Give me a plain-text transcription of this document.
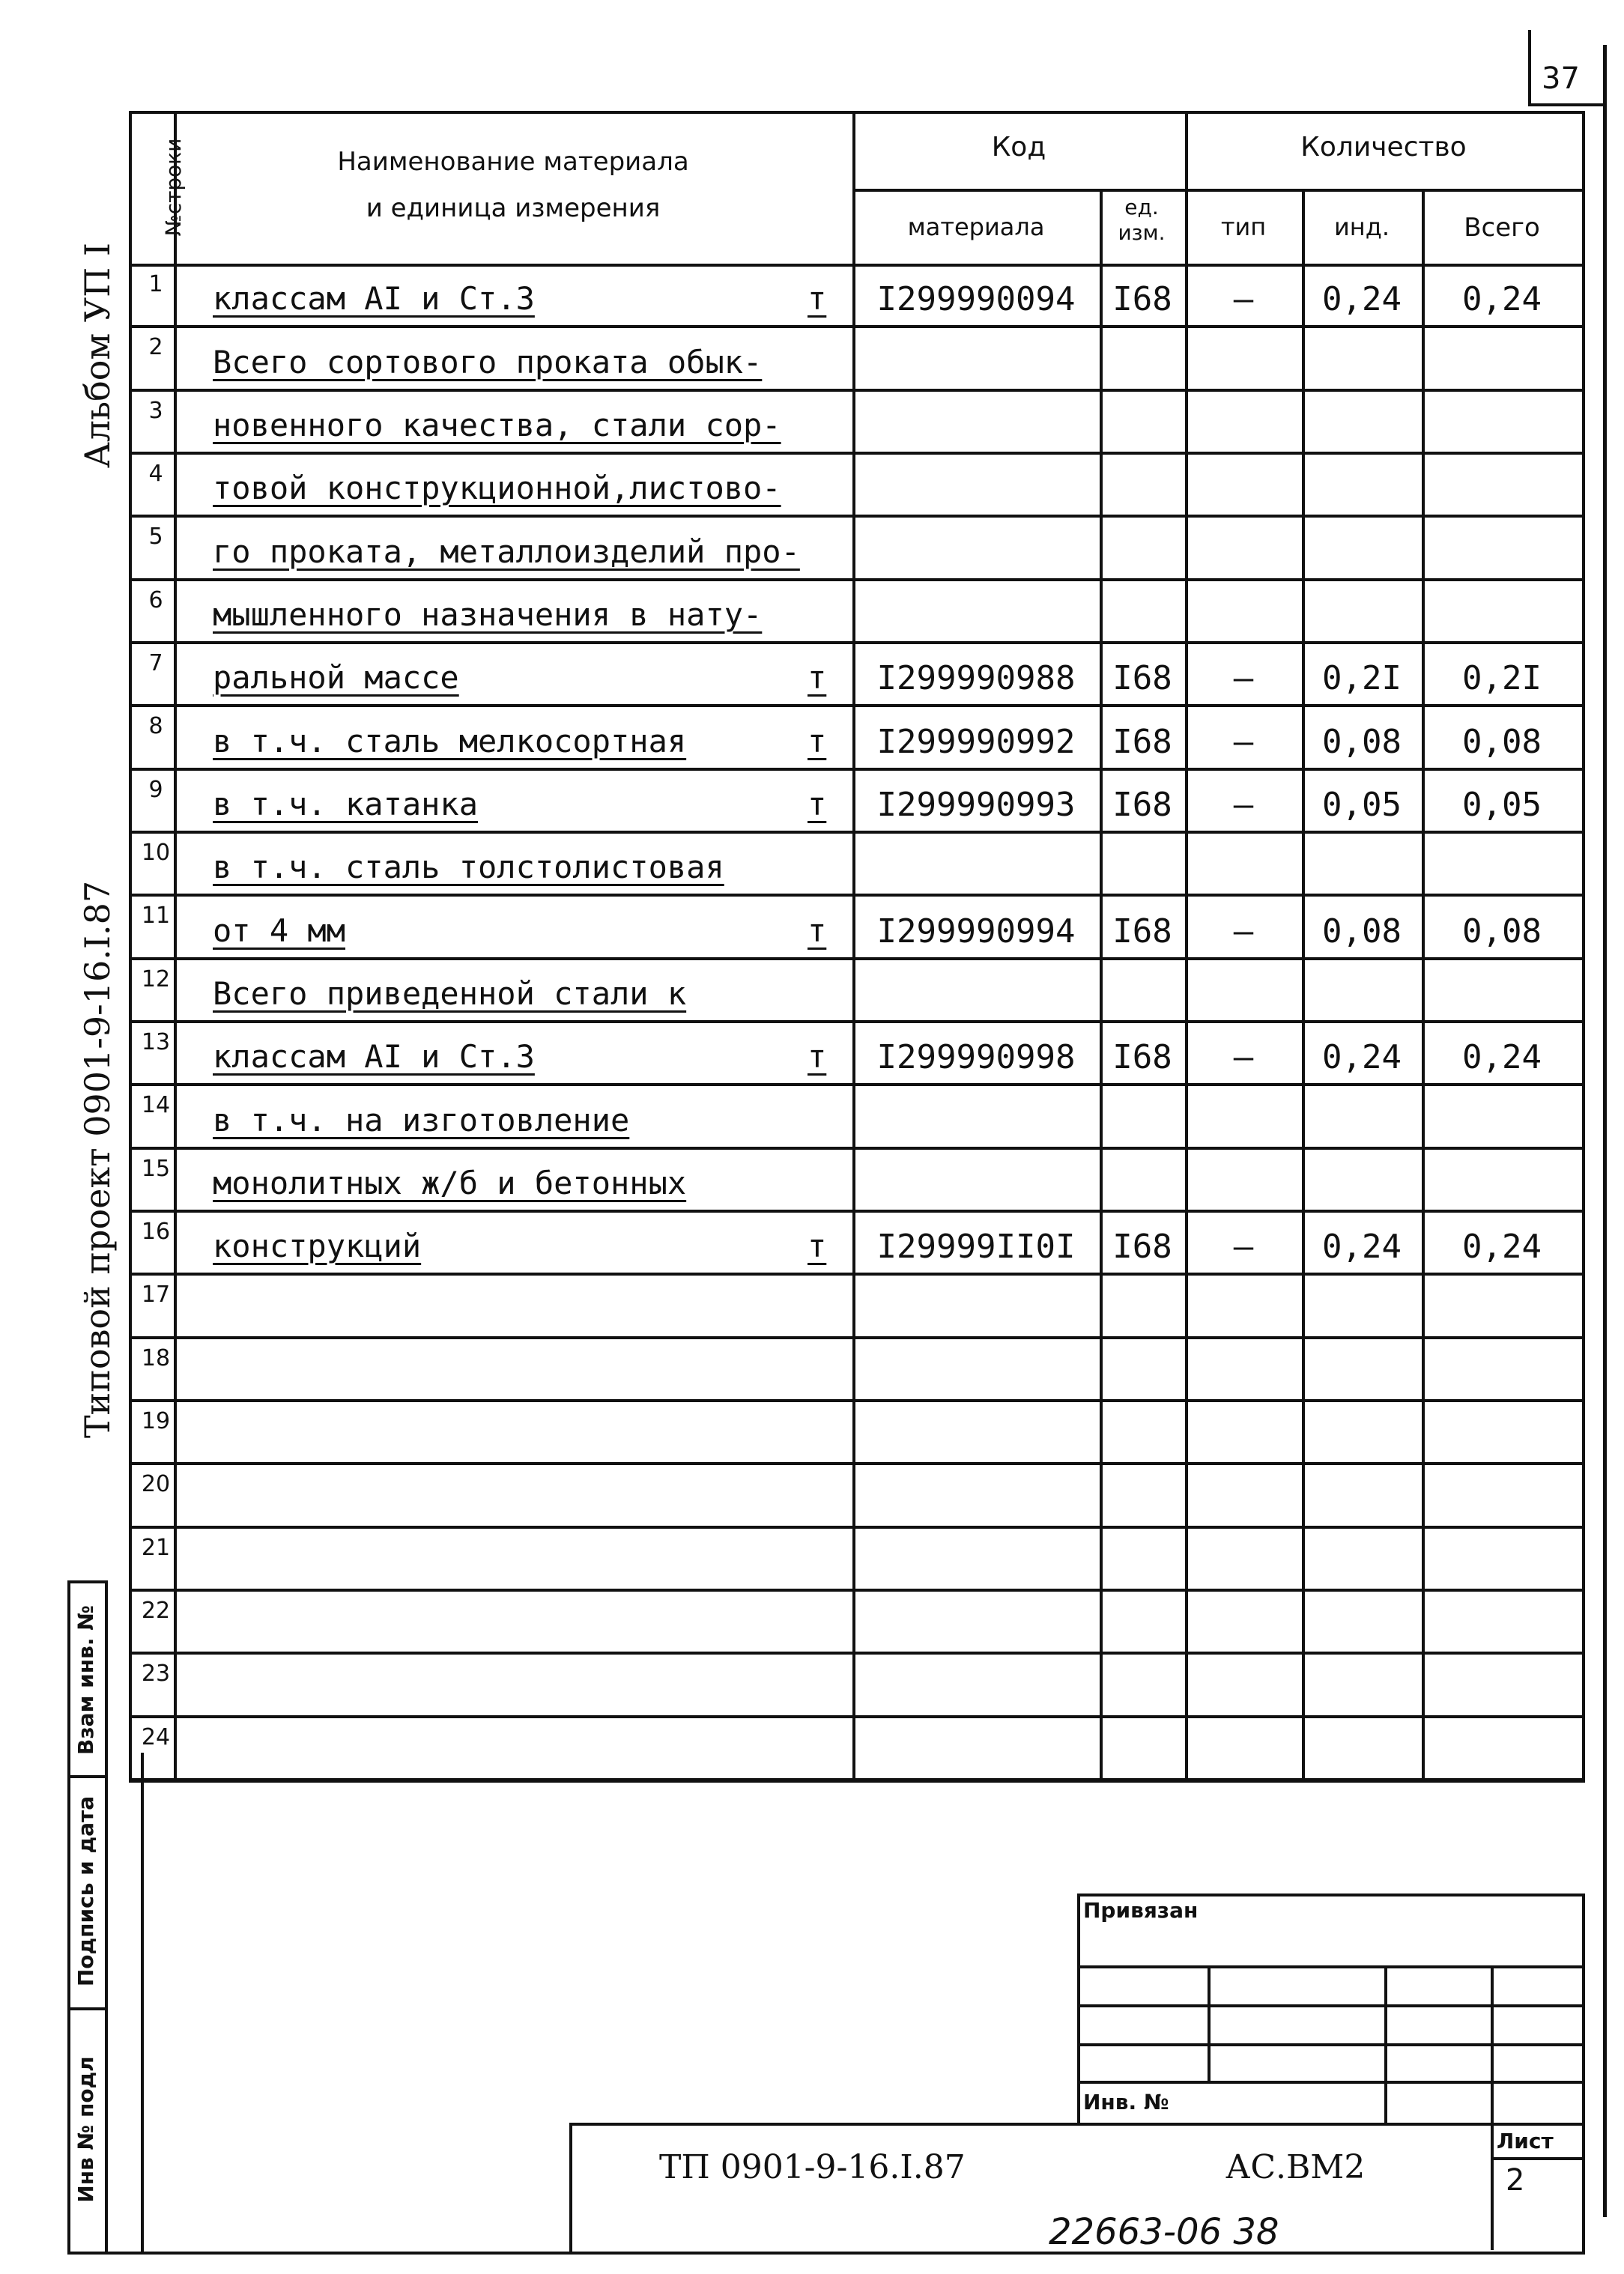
37
Альбом УП I
Типовой проект 0901-9-16.I.87
Взам инв. №
Подпись и дата
Инв № подл
№строки	Наименование материала
и единица измерения
Код	Количество
материала
ед. изм.	тип	инд.	Всего
1 классам АI и Ст.3	т	I299990094	I68	–	0,24	0,24
2 Всего сортового проката обык-
3 новенного качества, стали сор-
4 товой конструкционной,листово-
5 го проката, металлоизделий про-
6 мышленного назначения в нату-
7 ральной массе	т	I299990988	I68	–	0,2I	0,2I
8 в т.ч. сталь мелкосортная	т	I299990992	I68	–	0,08	0,08
9 в т.ч. катанка	т	I299990993	I68	–	0,05	0,05
10 в т.ч. сталь толстолистовая
11 от 4 мм	т	I299990994	I68	–	0,08	0,08
12 Всего приведенной стали к
13 классам АI и Ст.3	т	I299990998	I68	–	0,24	0,24
14 в т.ч. на изготовление
15 монолитных ж/б и бетонных
16 конструкций	т	I29999II0I	I68	–	0,24	0,24
17
18
19
20
21
22
23
24
Привязан
Инв. №
ТП 0901-9-16.I.87	АС.ВМ2
Лист
2
22663-06 38
